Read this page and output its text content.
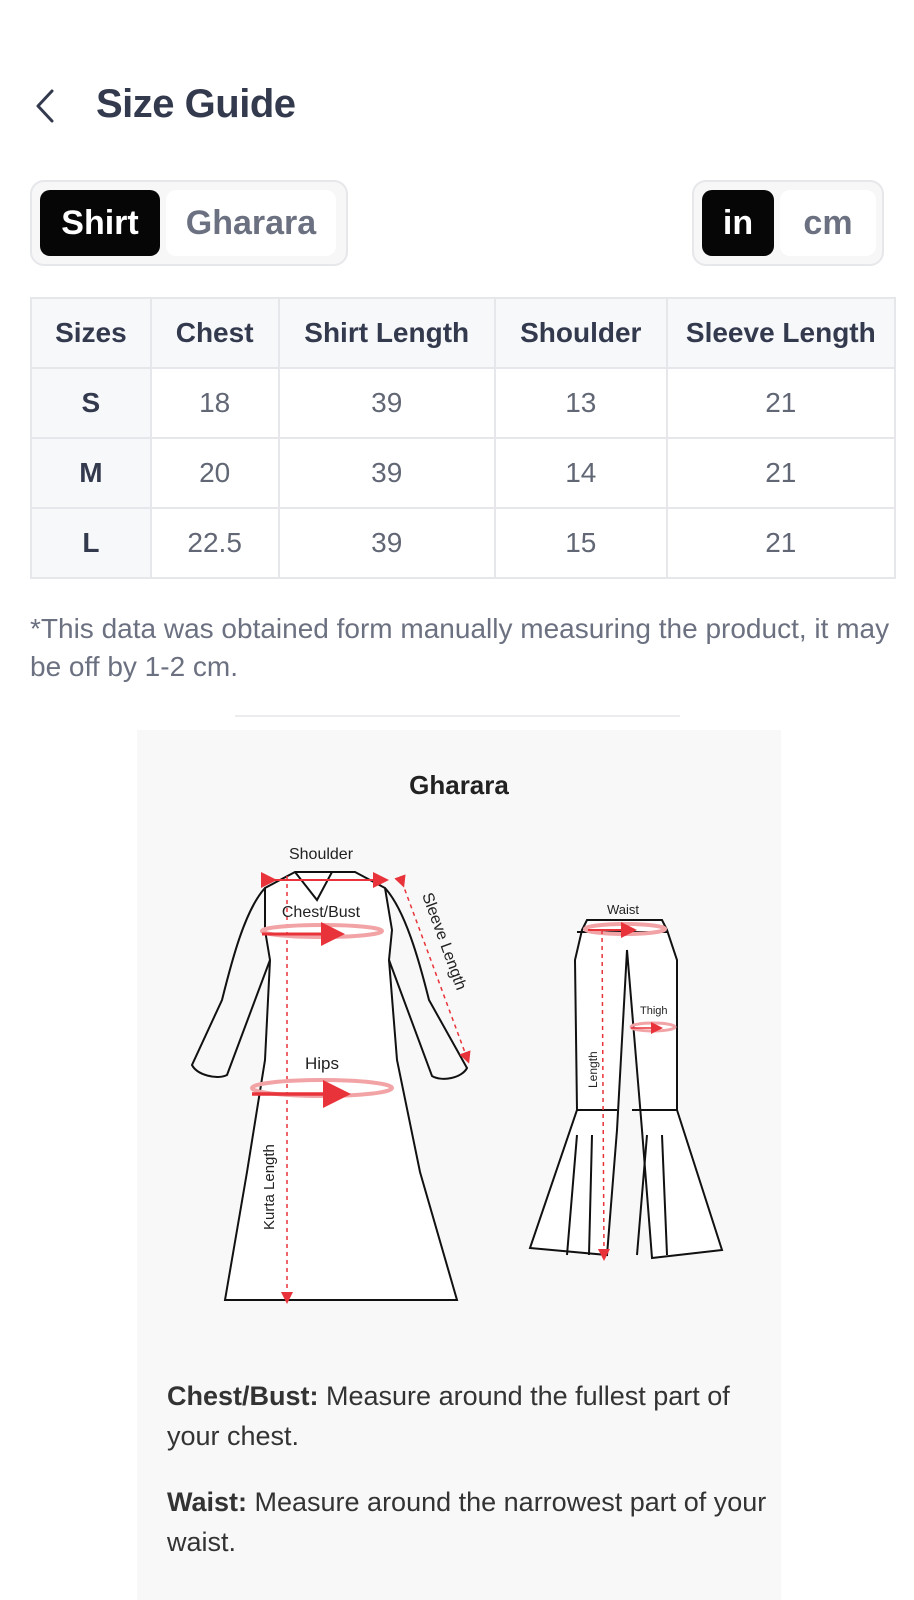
Size Guide
Shirt	Gharara	in	cm
Sizes	Chest	Shirt Length	Shoulder	Sleeve Length
S	18	39	13	21
M	20	39	14	21
L	22.5	39	15	21
*This data was obtained form manually measuring the product, it may be off by 1-2 cm.
Gharara
Shoulder
Chest/Bust	Sleeve Length
Hips
Kurta Length
Waist
Thigh
Length
Chest/Bust: Measure around the fullest part of your chest.
Waist: Measure around the narrowest part of your waist.
